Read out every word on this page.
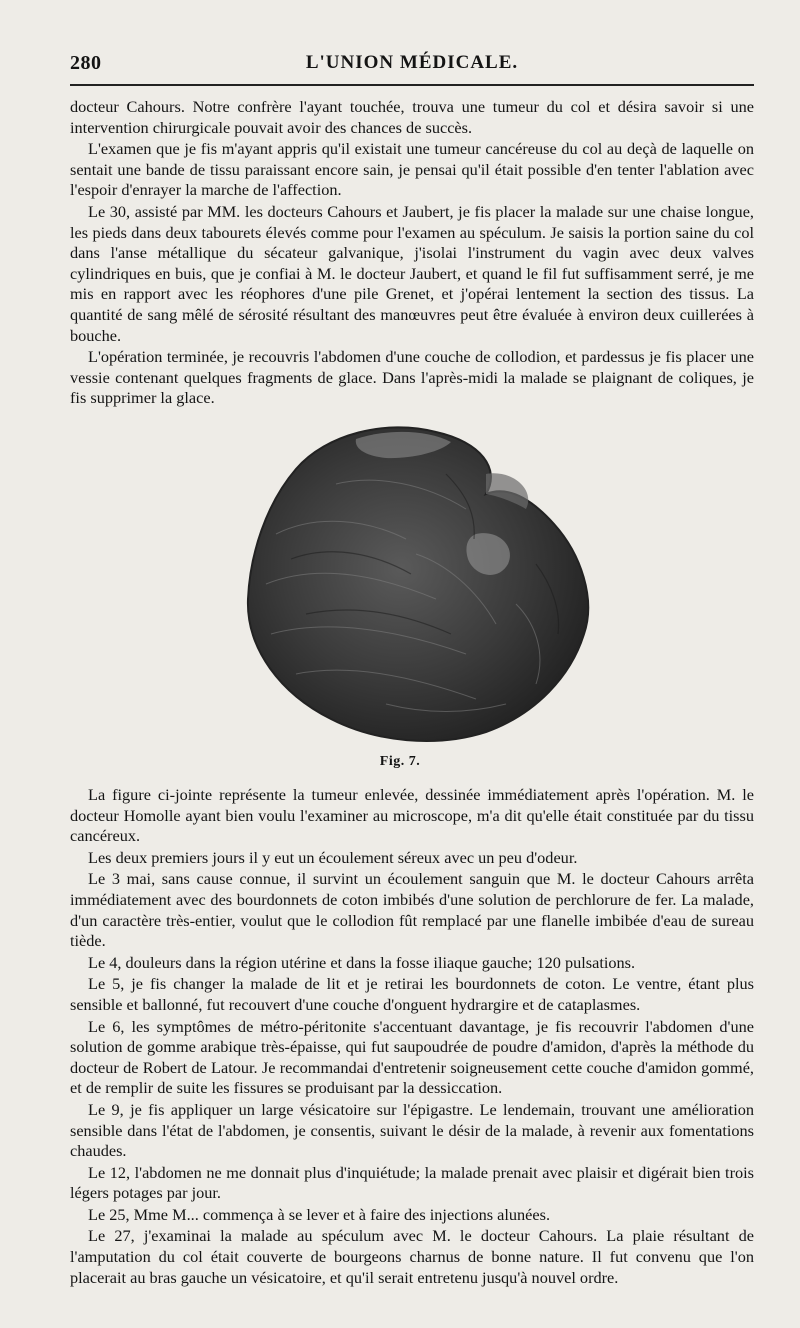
280	L'UNION MÉDICALE.

docteur Cahours. Notre confrère l'ayant touchée, trouva une tumeur du col et désira savoir si une intervention chirurgicale pouvait avoir des chances de succès.

L'examen que je fis m'ayant appris qu'il existait une tumeur cancéreuse du col au deçà de laquelle on sentait une bande de tissu paraissant encore sain, je pensai qu'il était possible d'en tenter l'ablation avec l'espoir d'enrayer la marche de l'affection.

Le 30, assisté par MM. les docteurs Cahours et Jaubert, je fis placer la malade sur une chaise longue, les pieds dans deux tabourets élevés comme pour l'examen au spéculum. Je saisis la portion saine du col dans l'anse métallique du sécateur galvanique, j'isolai l'instrument du vagin avec deux valves cylindriques en buis, que je confiai à M. le docteur Jaubert, et quand le fil fut suffisamment serré, je me mis en rapport avec les réophores d'une pile Grenet, et j'opérai lentement la section des tissus. La quantité de sang mêlé de sérosité résultant des manœuvres peut être évaluée à environ deux cuillerées à bouche.

L'opération terminée, je recouvris l'abdomen d'une couche de collodion, et pardessus je fis placer une vessie contenant quelques fragments de glace. Dans l'après-midi la malade se plaignant de coliques, je fis supprimer la glace.

Fig. 7.

La figure ci-jointe représente la tumeur enlevée, dessinée immédiatement après l'opération. M. le docteur Homolle ayant bien voulu l'examiner au microscope, m'a dit qu'elle était constituée par du tissu cancéreux.

Les deux premiers jours il y eut un écoulement séreux avec un peu d'odeur.

Le 3 mai, sans cause connue, il survint un écoulement sanguin que M. le docteur Cahours arrêta immédiatement avec des bourdonnets de coton imbibés d'une solution de perchlorure de fer. La malade, d'un caractère très-entier, voulut que le collodion fût remplacé par une flanelle imbibée d'eau de sureau tiède.

Le 4, douleurs dans la région utérine et dans la fosse iliaque gauche; 120 pulsations.

Le 5, je fis changer la malade de lit et je retirai les bourdonnets de coton. Le ventre, étant plus sensible et ballonné, fut recouvert d'une couche d'onguent hydrargire et de cataplasmes.

Le 6, les symptômes de métro-péritonite s'accentuant davantage, je fis recouvrir l'abdomen d'une solution de gomme arabique très-épaisse, qui fut saupoudrée de poudre d'amidon, d'après la méthode du docteur de Robert de Latour. Je recommandai d'entretenir soigneusement cette couche d'amidon gommé, et de remplir de suite les fissures se produisant par la dessiccation.

Le 9, je fis appliquer un large vésicatoire sur l'épigastre. Le lendemain, trouvant une amélioration sensible dans l'état de l'abdomen, je consentis, suivant le désir de la malade, à revenir aux fomentations chaudes.

Le 12, l'abdomen ne me donnait plus d'inquiétude; la malade prenait avec plaisir et digérait bien trois légers potages par jour.

Le 25, Mme M... commença à se lever et à faire des injections alunées.

Le 27, j'examinai la malade au spéculum avec M. le docteur Cahours. La plaie résultant de l'amputation du col était couverte de bourgeons charnus de bonne nature. Il fut convenu que l'on placerait au bras gauche un vésicatoire, et qu'il serait entretenu jusqu'à nouvel ordre.
